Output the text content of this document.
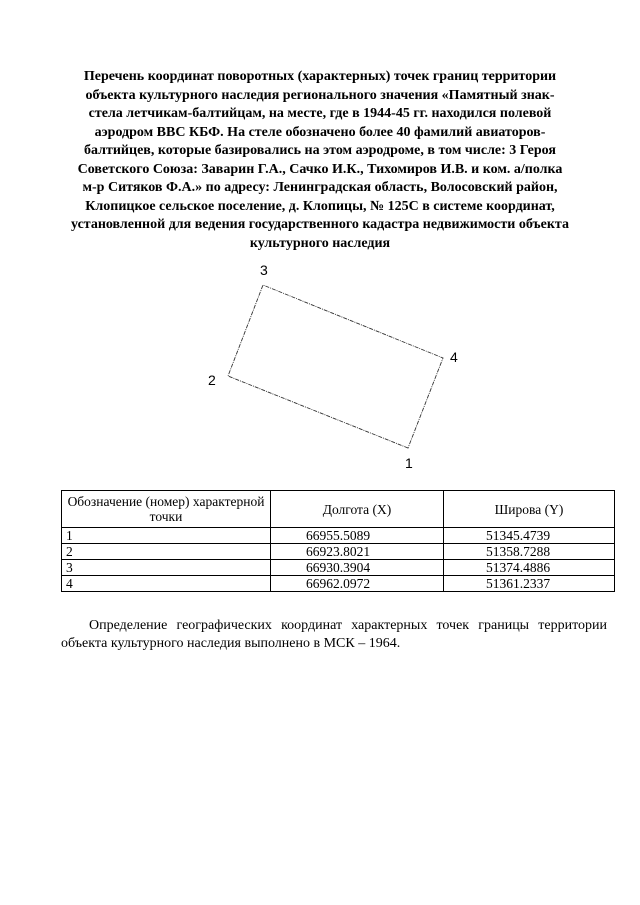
Перечень координат поворотных (характерных) точек границ территории объекта культурного наследия регионального значения «Памятный знак-стела летчикам-балтийцам, на месте, где в 1944-45 гг. находился полевой аэродром ВВС КБФ. На стеле обозначено более 40 фамилий авиаторов-балтийцев, которые базировались на этом аэродроме, в том числе: 3 Героя Советского Союза: Заварин Г.А., Сачко И.К., Тихомиров И.В. и ком. а/полка м-р Ситяков Ф.А.» по адресу: Ленинградская область, Волосовский район, Клопицкое сельское поселение, д. Клопицы, № 125С в системе координат, установленной для ведения государственного кадастра недвижимости объекта культурного наследия
1
2
3
4
Обозначение (номер) характерной точки	Долгота (X)	Широва (Y)
1	66955.5089	51345.4739
2	66923.8021	51358.7288
3	66930.3904	51374.4886
4	66962.0972	51361.2337

Определение географических координат характерных точек границы территории объекта культурного наследия выполнено в МСК – 1964.
